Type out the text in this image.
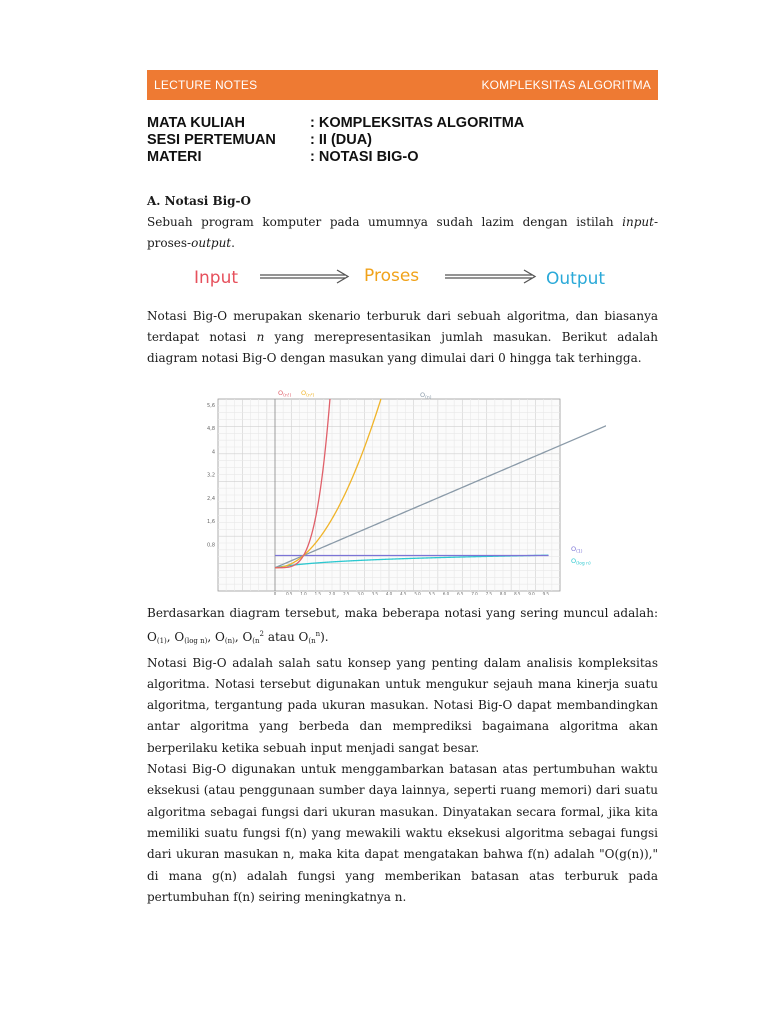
LECTURE NOTES	KOMPLEKSITAS ALGORITMA
MATA KULIAH	: KOMPLEKSITAS ALGORITMA
SESI PERTEMUAN	: II (DUA)
MATERI	: NOTASI BIG-O
A. Notasi Big-O

Sebuah program komputer pada umumnya sudah lazim dengan istilah input-proses-output.

Notasi Big-O merupakan skenario terburuk dari sebuah algoritma, dan biasanya terdapat notasi n yang merepresentasikan jumlah masukan. Berikut adalah diagram notasi Big-O dengan masukan yang dimulai dari 0 hingga tak terhingga.

Input	Proses	Output
0,8
1,6
2,4
3,2
4
4,8
5,6
0 0,5 1,0 1,5 2,0 2,5 3,0 3,5 4,0 4,5 5,0 5,5 6,0 6,5 7,0 7,5 8,0 8,5 9,0 9,5
$O_{(n!)}$ $O_{(n^2)}$	$O_{(n)}$
$O_{(1)}$
$O_{(log n)}$

Berdasarkan diagram tersebut, maka beberapa notasi yang sering muncul adalah: $O_{(1)}$, $O_{(log n)}$, $O_{(n)}$, $O_{(n}^2$ atau $O_{(n}^n$).

Notasi Big-O adalah salah satu konsep yang penting dalam analisis kompleksitas algoritma. Notasi tersebut digunakan untuk mengukur sejauh mana kinerja suatu algoritma, tergantung pada ukuran masukan. Notasi Big-O dapat membandingkan antar algoritma yang berbeda dan memprediksi bagaimana algoritma akan berperilaku ketika sebuah input menjadi sangat besar.

Notasi Big-O digunakan untuk menggambarkan batasan atas pertumbuhan waktu eksekusi (atau penggunaan sumber daya lainnya, seperti ruang memori) dari suatu algoritma sebagai fungsi dari ukuran masukan. Dinyatakan secara formal, jika kita memiliki suatu fungsi f(n) yang mewakili waktu eksekusi algoritma sebagai fungsi dari ukuran masukan n, maka kita dapat mengatakan bahwa f(n) adalah "O(g(n))," di mana g(n) adalah fungsi yang memberikan batasan atas terburuk pada pertumbuhan f(n) seiring meningkatnya n.
